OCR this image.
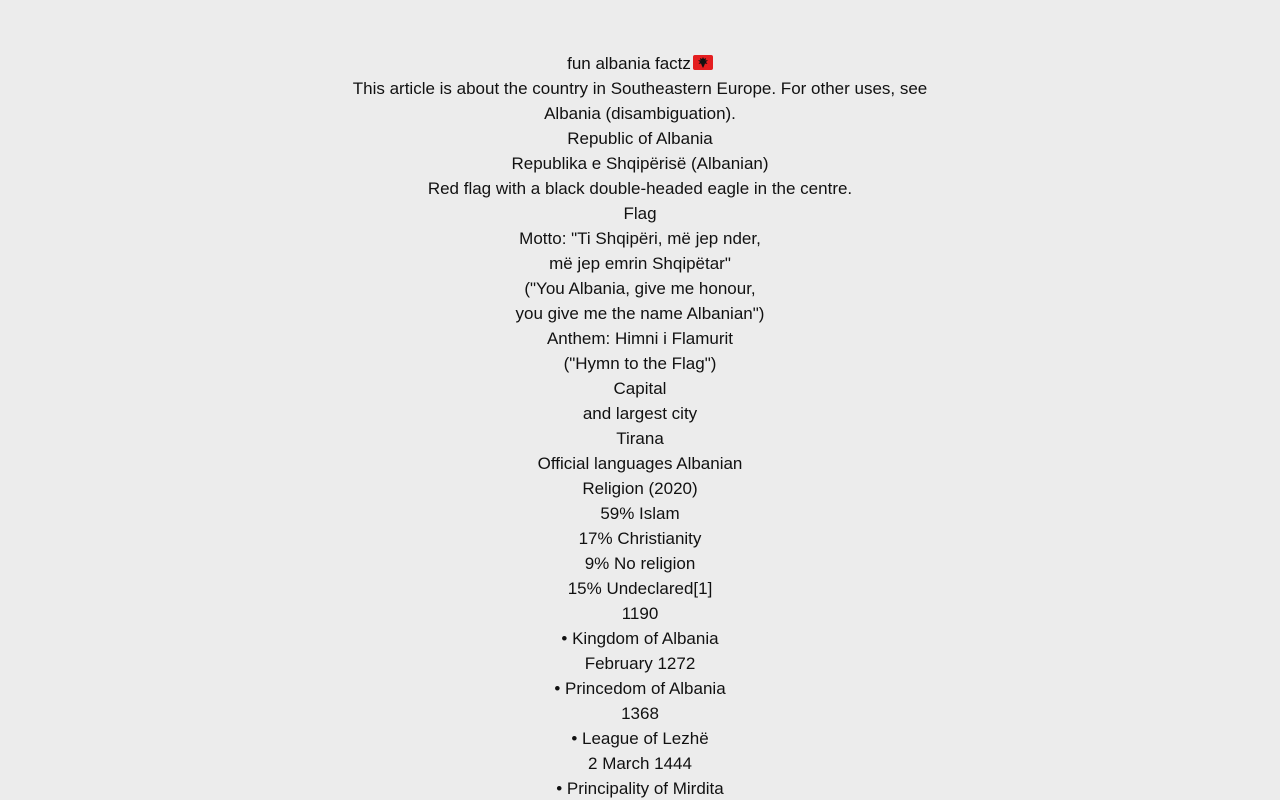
fun albania factz
This article is about the country in Southeastern Europe. For other uses, see
Albania (disambiguation).
Republic of Albania
Republika e Shqipërisë (Albanian)
Red flag with a black double-headed eagle in the centre.
Flag
Motto: "Ti Shqipëri, më jep nder,
më jep emrin Shqipëtar"
("You Albania, give me honour,
you give me the name Albanian")
Anthem: Himni i Flamurit
("Hymn to the Flag")
Capital
and largest city
Tirana
Official languages Albanian
Religion (2020)
59% Islam
17% Christianity
9% No religion
15% Undeclared[1]
1190
• Kingdom of Albania
February 1272
• Princedom of Albania
1368
• League of Lezhë
2 March 1444
• Principality of Mirdita
